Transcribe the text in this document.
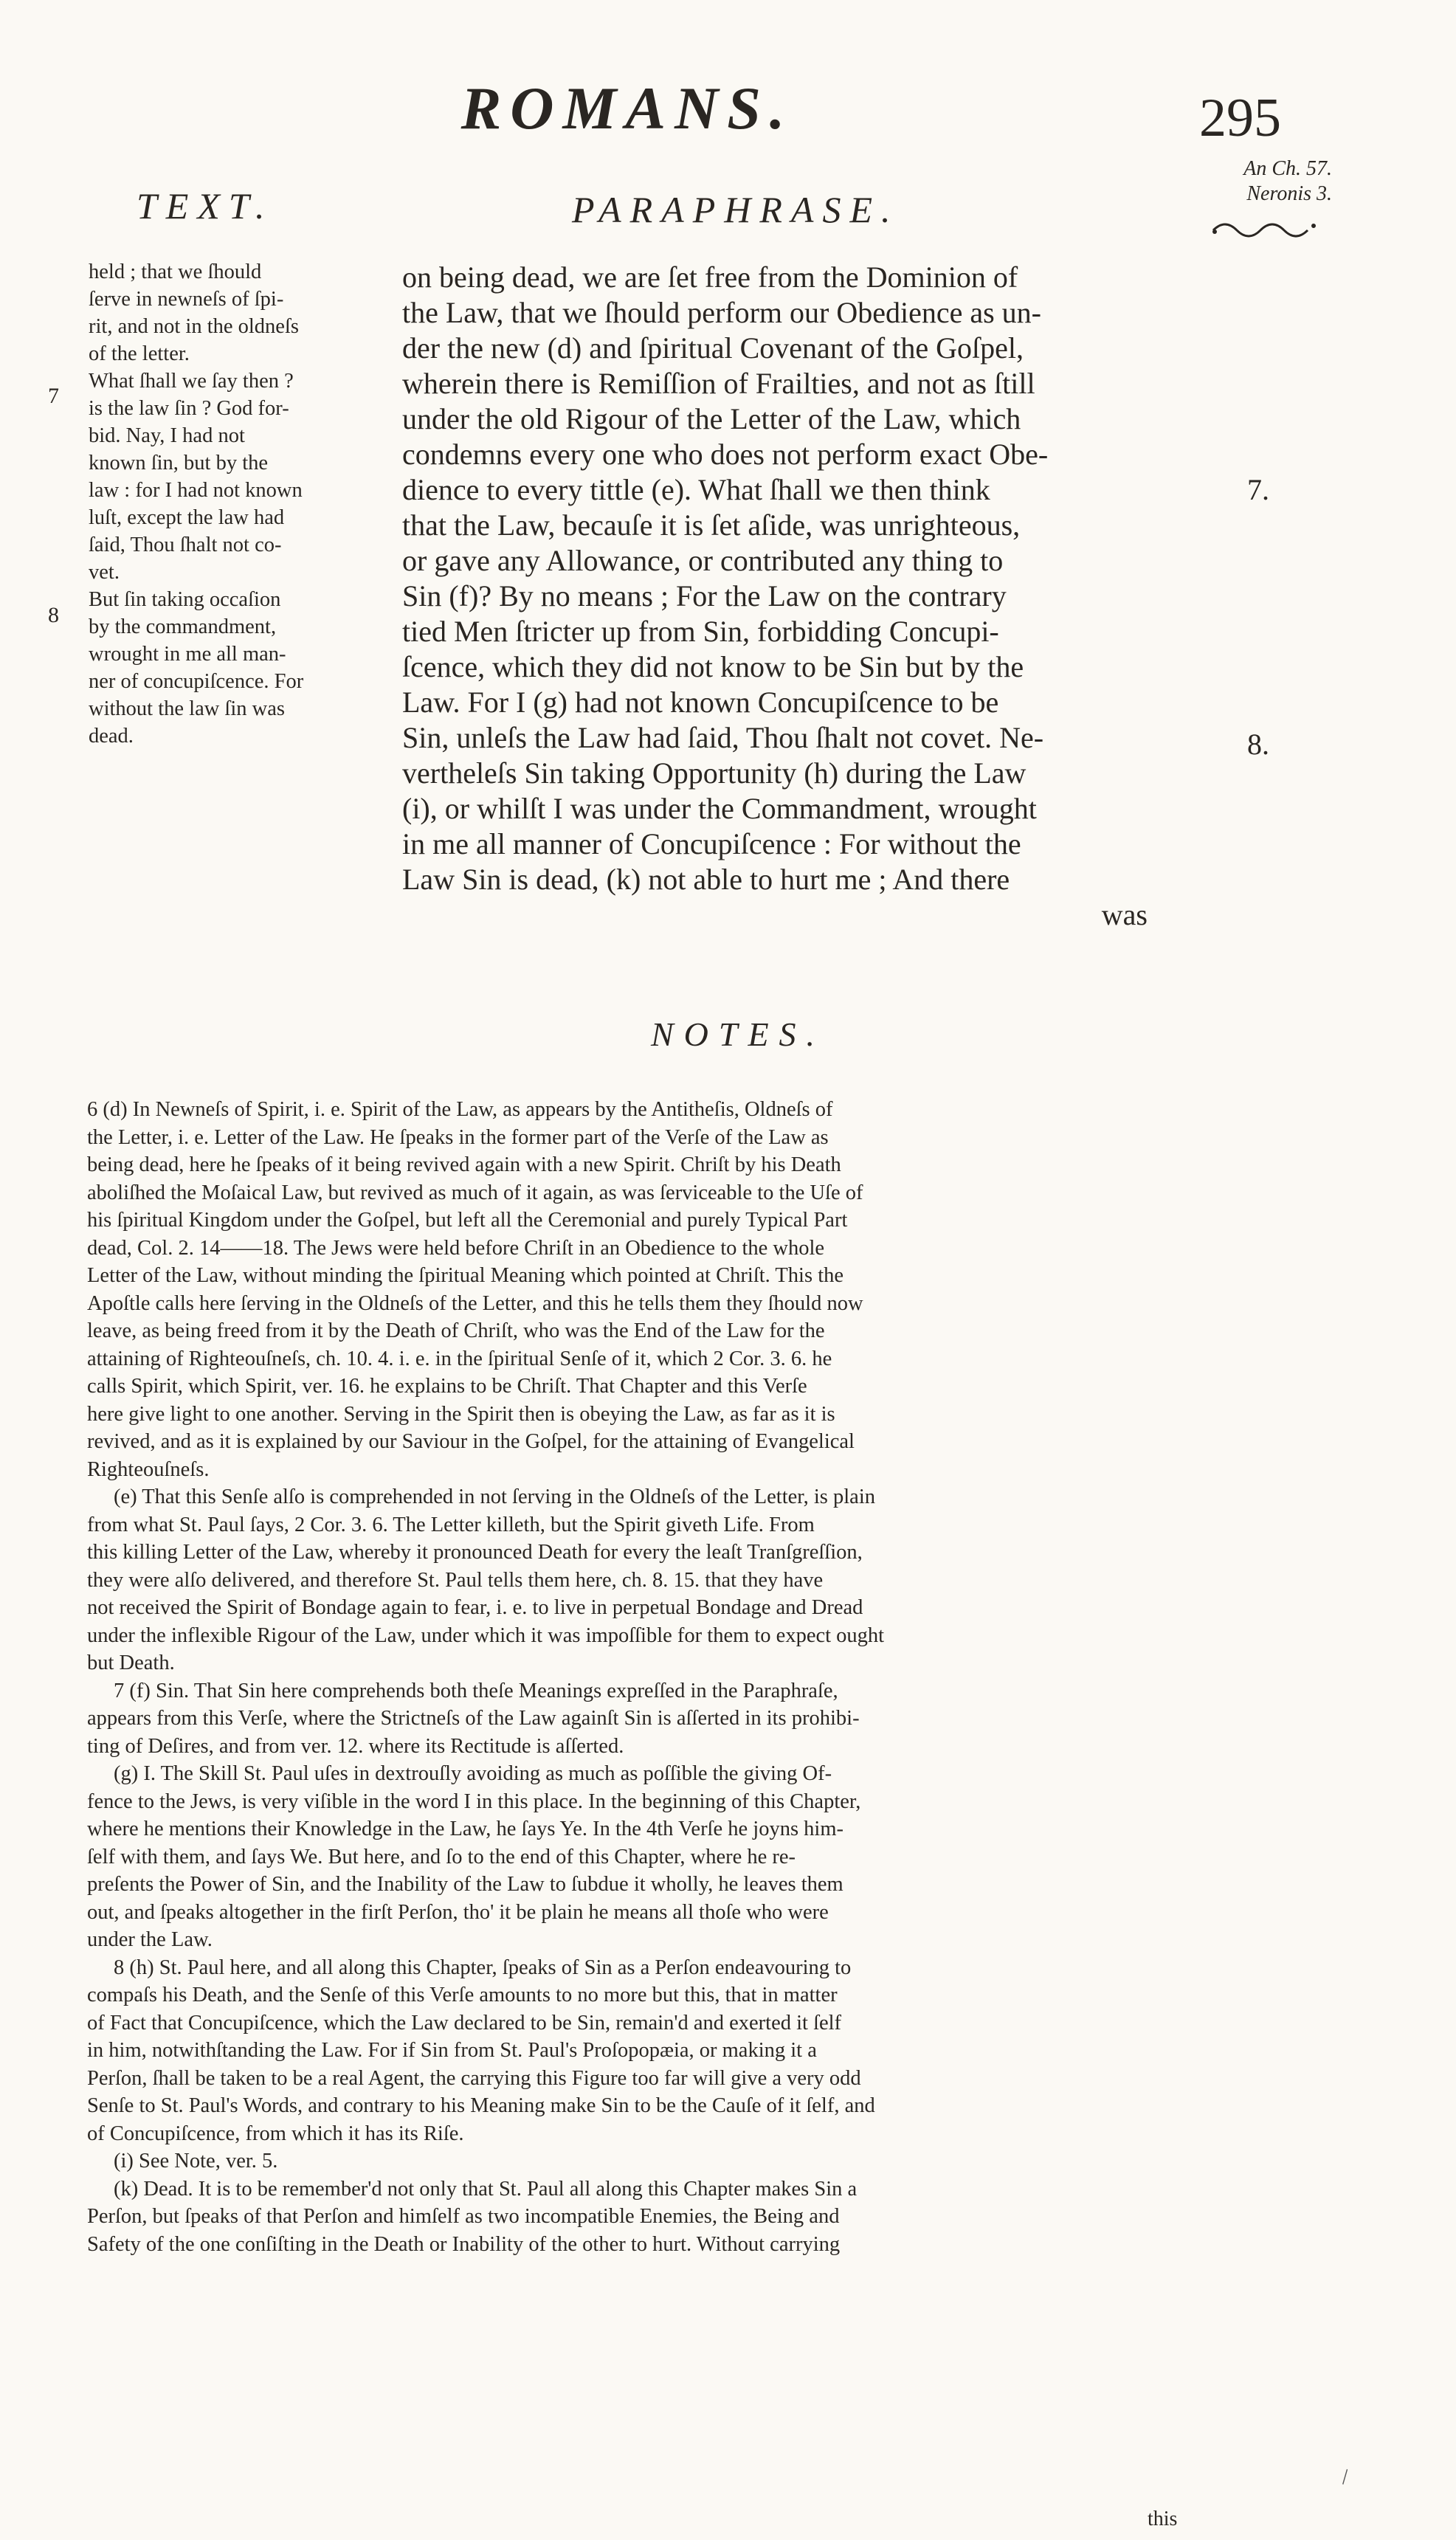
ROMANS.	295
An Ch. 57.
Neronis 3.
TEXT.	PARAPHRASE.
7
8
held ; that we ſhould
ſerve in newneſs of ſpi-
rit, and not in the oldneſs
of the letter.
What ſhall we ſay then ?
is the law ſin ? God for-
bid. Nay, I had not
known ſin, but by the
law : for I had not known
luſt, except the law had
ſaid, Thou ſhalt not co-
vet.
But ſin taking occaſion
by the commandment,
wrought in me all man-
ner of concupiſcence. For
without the law ſin was
dead.
on being dead, we are ſet free from the Dominion of
the Law, that we ſhould perform our Obedience as un-
der the new (d) and ſpiritual Covenant of the Goſpel,
wherein there is Remiſſion of Frailties, and not as ſtill
under the old Rigour of the Letter of the Law, which
condemns every one who does not perform exact Obe-
dience to every tittle (e). What ſhall we then think
that the Law, becauſe it is ſet aſide, was unrighteous,
or gave any Allowance, or contributed any thing to
Sin (f)? By no means ; For the Law on the contrary
tied Men ſtricter up from Sin, forbidding Concupi-
ſcence, which they did not know to be Sin but by the
Law. For I (g) had not known Concupiſcence to be
Sin, unleſs the Law had ſaid, Thou ſhalt not covet. Ne-
vertheleſs Sin taking Opportunity (h) during the Law
(i), or whilſt I was under the Commandment, wrought
in me all manner of Concupiſcence : For without the
Law Sin is dead, (k) not able to hurt me ; And there
was
7.
8.
NOTES.
6 (d) In Newneſs of Spirit, i. e. Spirit of the Law, as appears by the Antitheſis, Oldneſs of
the Letter, i. e. Letter of the Law. He ſpeaks in the former part of the Verſe of the Law as
being dead, here he ſpeaks of it being revived again with a new Spirit. Chriſt by his Death
aboliſhed the Moſaical Law, but revived as much of it again, as was ſerviceable to the Uſe of
his ſpiritual Kingdom under the Goſpel, but left all the Ceremonial and purely Typical Part
dead, Col. 2. 14——18. The Jews were held before Chriſt in an Obedience to the whole
Letter of the Law, without minding the ſpiritual Meaning which pointed at Chriſt. This the
Apoſtle calls here ſerving in the Oldneſs of the Letter, and this he tells them they ſhould now
leave, as being freed from it by the Death of Chriſt, who was the End of the Law for the
attaining of Righteouſneſs, ch. 10. 4. i. e. in the ſpiritual Senſe of it, which 2 Cor. 3. 6. he
calls Spirit, which Spirit, ver. 16. he explains to be Chriſt. That Chapter and this Verſe
here give light to one another. Serving in the Spirit then is obeying the Law, as far as it is
revived, and as it is explained by our Saviour in the Goſpel, for the attaining of Evangelical
Righteouſneſs.
(e) That this Senſe alſo is comprehended in not ſerving in the Oldneſs of the Letter, is plain
from what St. Paul ſays, 2 Cor. 3. 6. The Letter killeth, but the Spirit giveth Life. From
this killing Letter of the Law, whereby it pronounced Death for every the leaſt Tranſgreſſion,
they were alſo delivered, and therefore St. Paul tells them here, ch. 8. 15. that they have
not received the Spirit of Bondage again to fear, i. e. to live in perpetual Bondage and Dread
under the inflexible Rigour of the Law, under which it was impoſſible for them to expect ought
but Death.
7 (f) Sin. That Sin here comprehends both theſe Meanings expreſſed in the Paraphraſe,
appears from this Verſe, where the Strictneſs of the Law againſt Sin is aſſerted in its prohibi-
ting of Deſires, and from ver. 12. where its Rectitude is aſſerted.
(g) I. The Skill St. Paul uſes in dextrouſly avoiding as much as poſſible the giving Of-
fence to the Jews, is very viſible in the word I in this place. In the beginning of this Chapter,
where he mentions their Knowledge in the Law, he ſays Ye. In the 4th Verſe he joyns him-
ſelf with them, and ſays We. But here, and ſo to the end of this Chapter, where he re-
preſents the Power of Sin, and the Inability of the Law to ſubdue it wholly, he leaves them
out, and ſpeaks altogether in the firſt Perſon, tho' it be plain he means all thoſe who were
under the Law.
8 (h) St. Paul here, and all along this Chapter, ſpeaks of Sin as a Perſon endeavouring to
compaſs his Death, and the Senſe of this Verſe amounts to no more but this, that in matter
of Fact that Concupiſcence, which the Law declared to be Sin, remain'd and exerted it ſelf
in him, notwithſtanding the Law. For if Sin from St. Paul's Proſopopæia, or making it a
Perſon, ſhall be taken to be a real Agent, the carrying this Figure too far will give a very odd
Senſe to St. Paul's Words, and contrary to his Meaning make Sin to be the Cauſe of it ſelf, and
of Concupiſcence, from which it has its Riſe.
(i) See Note, ver. 5.
(k) Dead. It is to be remember'd not only that St. Paul all along this Chapter makes Sin a
Perſon, but ſpeaks of that Perſon and himſelf as two incompatible Enemies, the Being and
Safety of the one conſiſting in the Death or Inability of the other to hurt. Without carrying
this
\
